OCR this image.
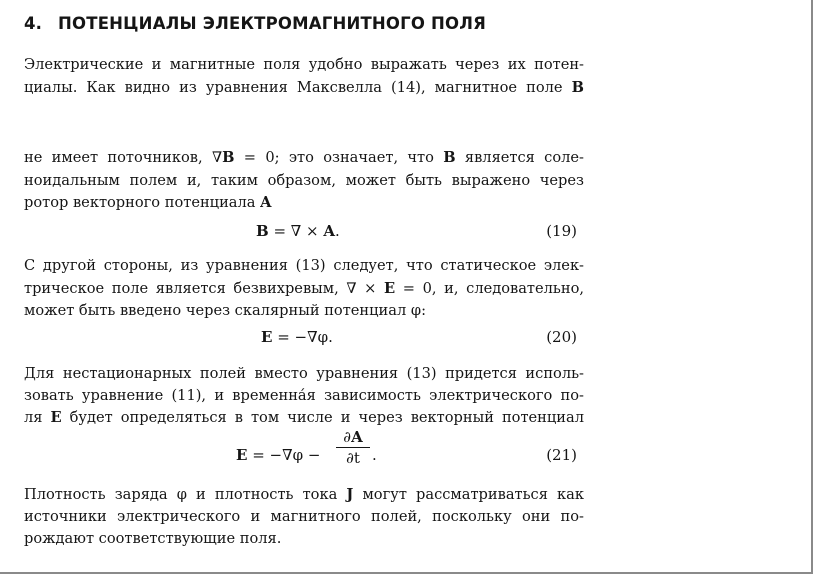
4. ПОТЕНЦИАЛЫ ЭЛЕКТРОМАГНИТНОГО ПОЛЯ
Электрические и магнитные поля удобно выражать через их потен-
циалы. Как видно из уравнения Максвелла (14), магнитное поле B
не имеет поточников, ∇B = 0; это означает, что B является соле-
ноидальным полем и, таким образом, может быть выражено через
ротор векторного потенциала A
B = ∇ × A.	(19)
С другой стороны, из уравнения (13) следует, что статическое элек-
трическое поле является безвихревым, ∇ × E = 0, и, следовательно,
может быть введено через скалярный потенциал φ:
E = −∇φ.	(20)
Для нестационарных полей вместо уравнения (13) придется исполь-
зовать уравнение (11), и временна́я зависимость электрического по-
ля E будет определяться в том числе и через векторный потенциал
E = −∇φ −
∂A
∂t .	(21)
Плотность заряда φ и плотность тока J могут рассматриваться как
источники электрического и магнитного полей, поскольку они по-
рождают соответствующие поля.
